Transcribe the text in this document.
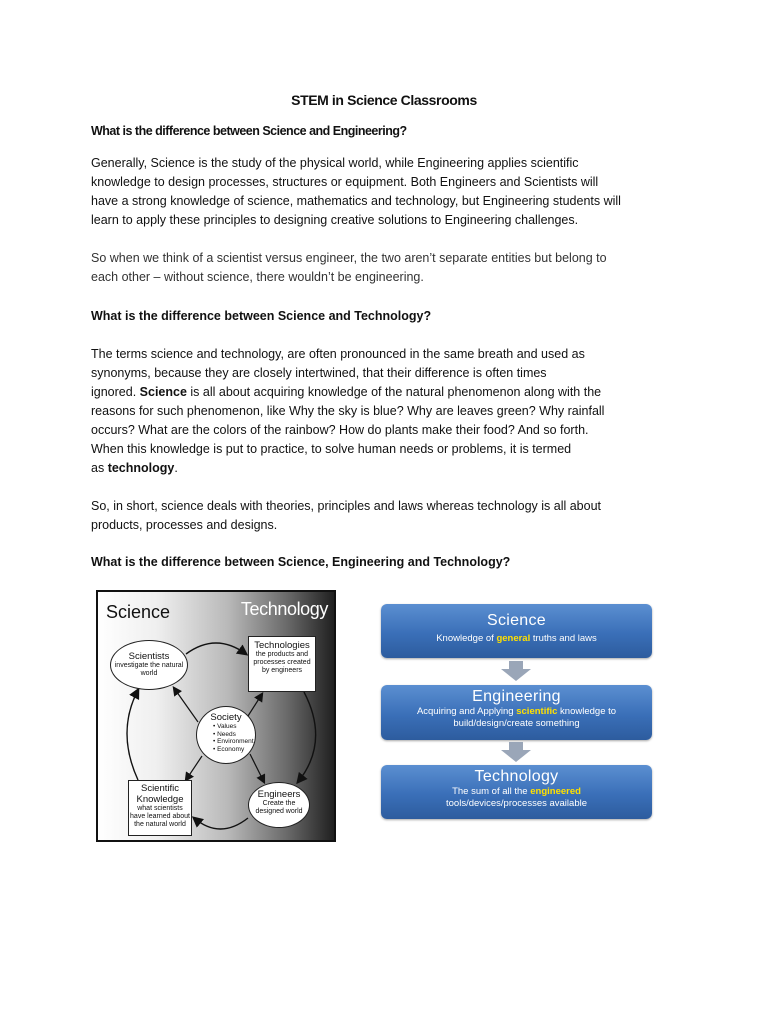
STEM in Science Classrooms
What is the difference between Science and Engineering?
Generally, Science is the study of the physical world, while Engineering applies scientific
knowledge to design processes, structures or equipment. Both Engineers and Scientists will
have a strong knowledge of science, mathematics and technology, but Engineering students will
learn to apply these principles to designing creative solutions to Engineering challenges.
So when we think of a scientist versus engineer, the two aren’t separate entities but belong to
each other – without science, there wouldn’t be engineering.
What is the difference between Science and Technology?
The terms science and technology, are often pronounced in the same breath and used as
synonyms, because they are closely intertwined, that their difference is often times
ignored. Science is all about acquiring knowledge of the natural phenomenon along with the
reasons for such phenomenon, like Why the sky is blue? Why are leaves green? Why rainfall
occurs? What are the colors of the rainbow? How do plants make their food? And so forth.
When this knowledge is put to practice, to solve human needs or problems, it is termed
as technology.
So, in short, science deals with theories, principles and laws whereas technology is all about
products, processes and designs.
What is the difference between Science, Engineering and Technology?
Science	Technology
Scientists
investigate the natural world
Technologies
the products and processes created by engineers
Society
• Values
• Needs
• Environment
• Economy
Scientific Knowledge
what scientists have learned about the natural world
Engineers
Create the designed world
Science
Knowledge of general truths and laws
Engineering
Acquiring and Applying scientific knowledge to
build/design/create something
Technology
The sum of all the engineered
tools/devices/processes available
